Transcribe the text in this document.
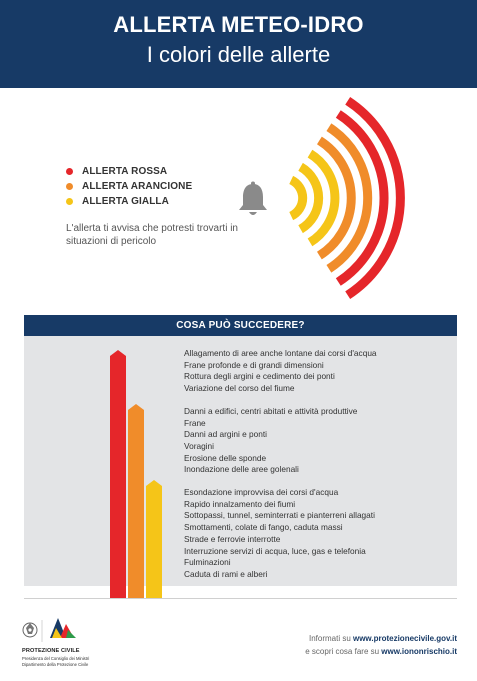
ALLERTA METEO-IDRO
I colori delle allerte
ALLERTA ROSSA
ALLERTA ARANCIONE
ALLERTA GIALLA
L'allerta ti avvisa che potresti trovarti in situazioni di pericolo
COSA PUÒ SUCCEDERE?
Allagamento di aree anche lontane dai corsi d'acqua
Frane profonde e di grandi dimensioni
Rottura degli argini e cedimento dei ponti
Variazione del corso del fiume
Danni a edifici, centri abitati e attività produttive
Frane
Danni ad argini e ponti
Voragini
Erosione delle sponde
Inondazione delle aree golenali
Esondazione improvvisa dei corsi d'acqua
Rapido innalzamento dei fiumi
Sottopassi, tunnel, seminterrati e pianterreni allagati
Smottamenti, colate di fango, caduta massi
Strade e ferrovie interrotte
Interruzione servizi di acqua, luce, gas e telefonia
Fulminazioni
Caduta di rami e alberi
PROTEZIONE CIVILE
Presidenza del Consiglio dei Ministri
Dipartimento della Protezione Civile
Informati su www.protezionecivile.gov.it
e scopri cosa fare su www.iononrischio.it
